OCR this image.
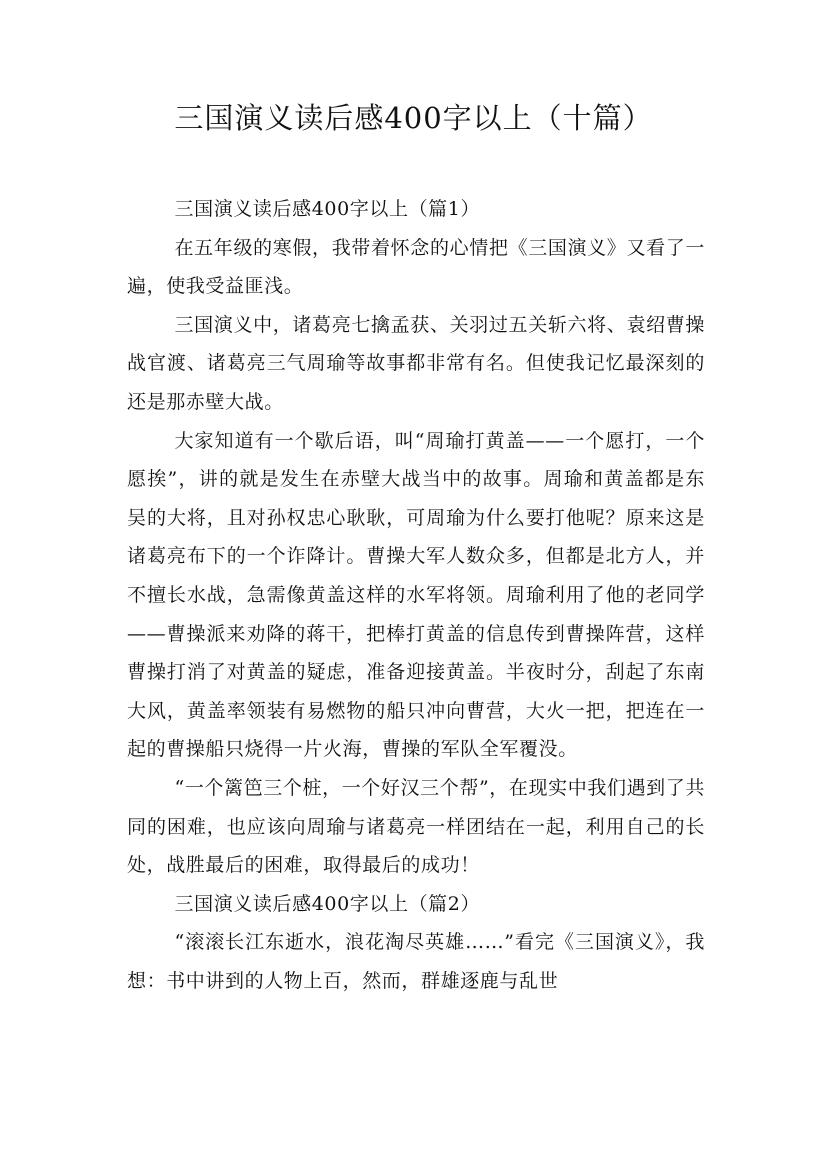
三国演义读后感400字以上（十篇）

三国演义读后感400字以上（篇1）

在五年级的寒假，我带着怀念的心情把《三国演义》又看了一遍，使我受益匪浅。

三国演义中，诸葛亮七擒孟获、关羽过五关斩六将、袁绍曹操战官渡、诸葛亮三气周瑜等故事都非常有名。但使我记忆最深刻的还是那赤壁大战。

大家知道有一个歇后语，叫“周瑜打黄盖——一个愿打，一个愿挨”，讲的就是发生在赤壁大战当中的故事。周瑜和黄盖都是东吴的大将，且对孙权忠心耿耿，可周瑜为什么要打他呢？原来这是诸葛亮布下的一个诈降计。曹操大军人数众多，但都是北方人，并不擅长水战，急需像黄盖这样的水军将领。周瑜利用了他的老同学——曹操派来劝降的蒋干，把棒打黄盖的信息传到曹操阵营，这样曹操打消了对黄盖的疑虑，准备迎接黄盖。半夜时分，刮起了东南大风，黄盖率领装有易燃物的船只冲向曹营，大火一把，把连在一起的曹操船只烧得一片火海，曹操的军队全军覆没。

“一个篱笆三个桩，一个好汉三个帮”，在现实中我们遇到了共同的困难，也应该向周瑜与诸葛亮一样团结在一起，利用自己的长处，战胜最后的困难，取得最后的成功！

三国演义读后感400字以上（篇2）

“滚滚长江东逝水，浪花淘尽英雄……”看完《三国演义》，我想：书中讲到的人物上百，然而，群雄逐鹿与乱世
